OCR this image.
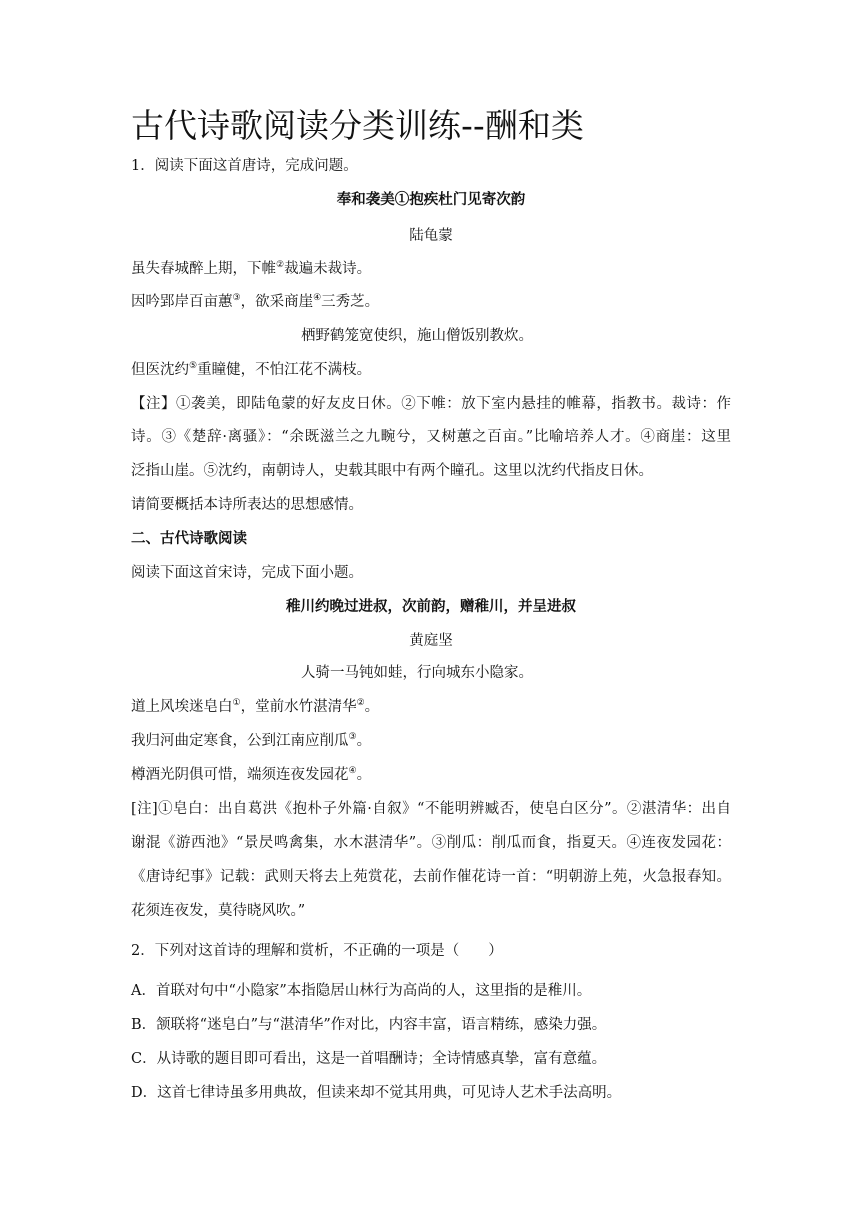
古代诗歌阅读分类训练--酬和类
1．阅读下面这首唐诗，完成问题。
奉和袭美①抱疾杜门见寄次韵
陆龟蒙
虽失春城醉上期，下帷②裁遍未裁诗。
因吟郢岸百亩蕙③，欲采商崖④三秀芝。
栖野鹤笼宽使织，施山僧饭别教炊。
但医沈约⑤重瞳健，不怕江花不满枝。
【注】①袭美，即陆龟蒙的好友皮日休。②下帷：放下室内悬挂的帷幕，指教书。裁诗：作
诗。③《楚辞·离骚》：“余既滋兰之九畹兮，又树蕙之百亩。”比喻培养人才。④商崖：这里
泛指山崖。⑤沈约，南朝诗人，史载其眼中有两个瞳孔。这里以沈约代指皮日休。
请简要概括本诗所表达的思想感情。
二、古代诗歌阅读
阅读下面这首宋诗，完成下面小题。
稚川约晚过进叔，次前韵，赠稚川，并呈进叔
黄庭坚
人骑一马钝如蛙，行向城东小隐家。
道上风埃迷皂白①，堂前水竹湛清华②。
我归河曲定寒食，公到江南应削瓜③。
樽酒光阴俱可惜，端须连夜发园花④。
[注]①皂白：出自葛洪《抱朴子外篇·自叙》“不能明辨臧否，使皂白区分”。②湛清华：出自
谢混《游西池》“景昃鸣禽集，水木湛清华”。③削瓜：削瓜而食，指夏天。④连夜发园花：
《唐诗纪事》记载：武则天将去上苑赏花，去前作催花诗一首：“明朝游上苑，火急报春知。
花须连夜发，莫待晓风吹。”
2．下列对这首诗的理解和赏析，不正确的一项是（　　）
A．首联对句中“小隐家”本指隐居山林行为高尚的人，这里指的是稚川。
B．颔联将“迷皂白”与“湛清华”作对比，内容丰富，语言精练，感染力强。
C．从诗歌的题目即可看出，这是一首唱酬诗；全诗情感真挚，富有意蕴。
D．这首七律诗虽多用典故，但读来却不觉其用典，可见诗人艺术手法高明。
